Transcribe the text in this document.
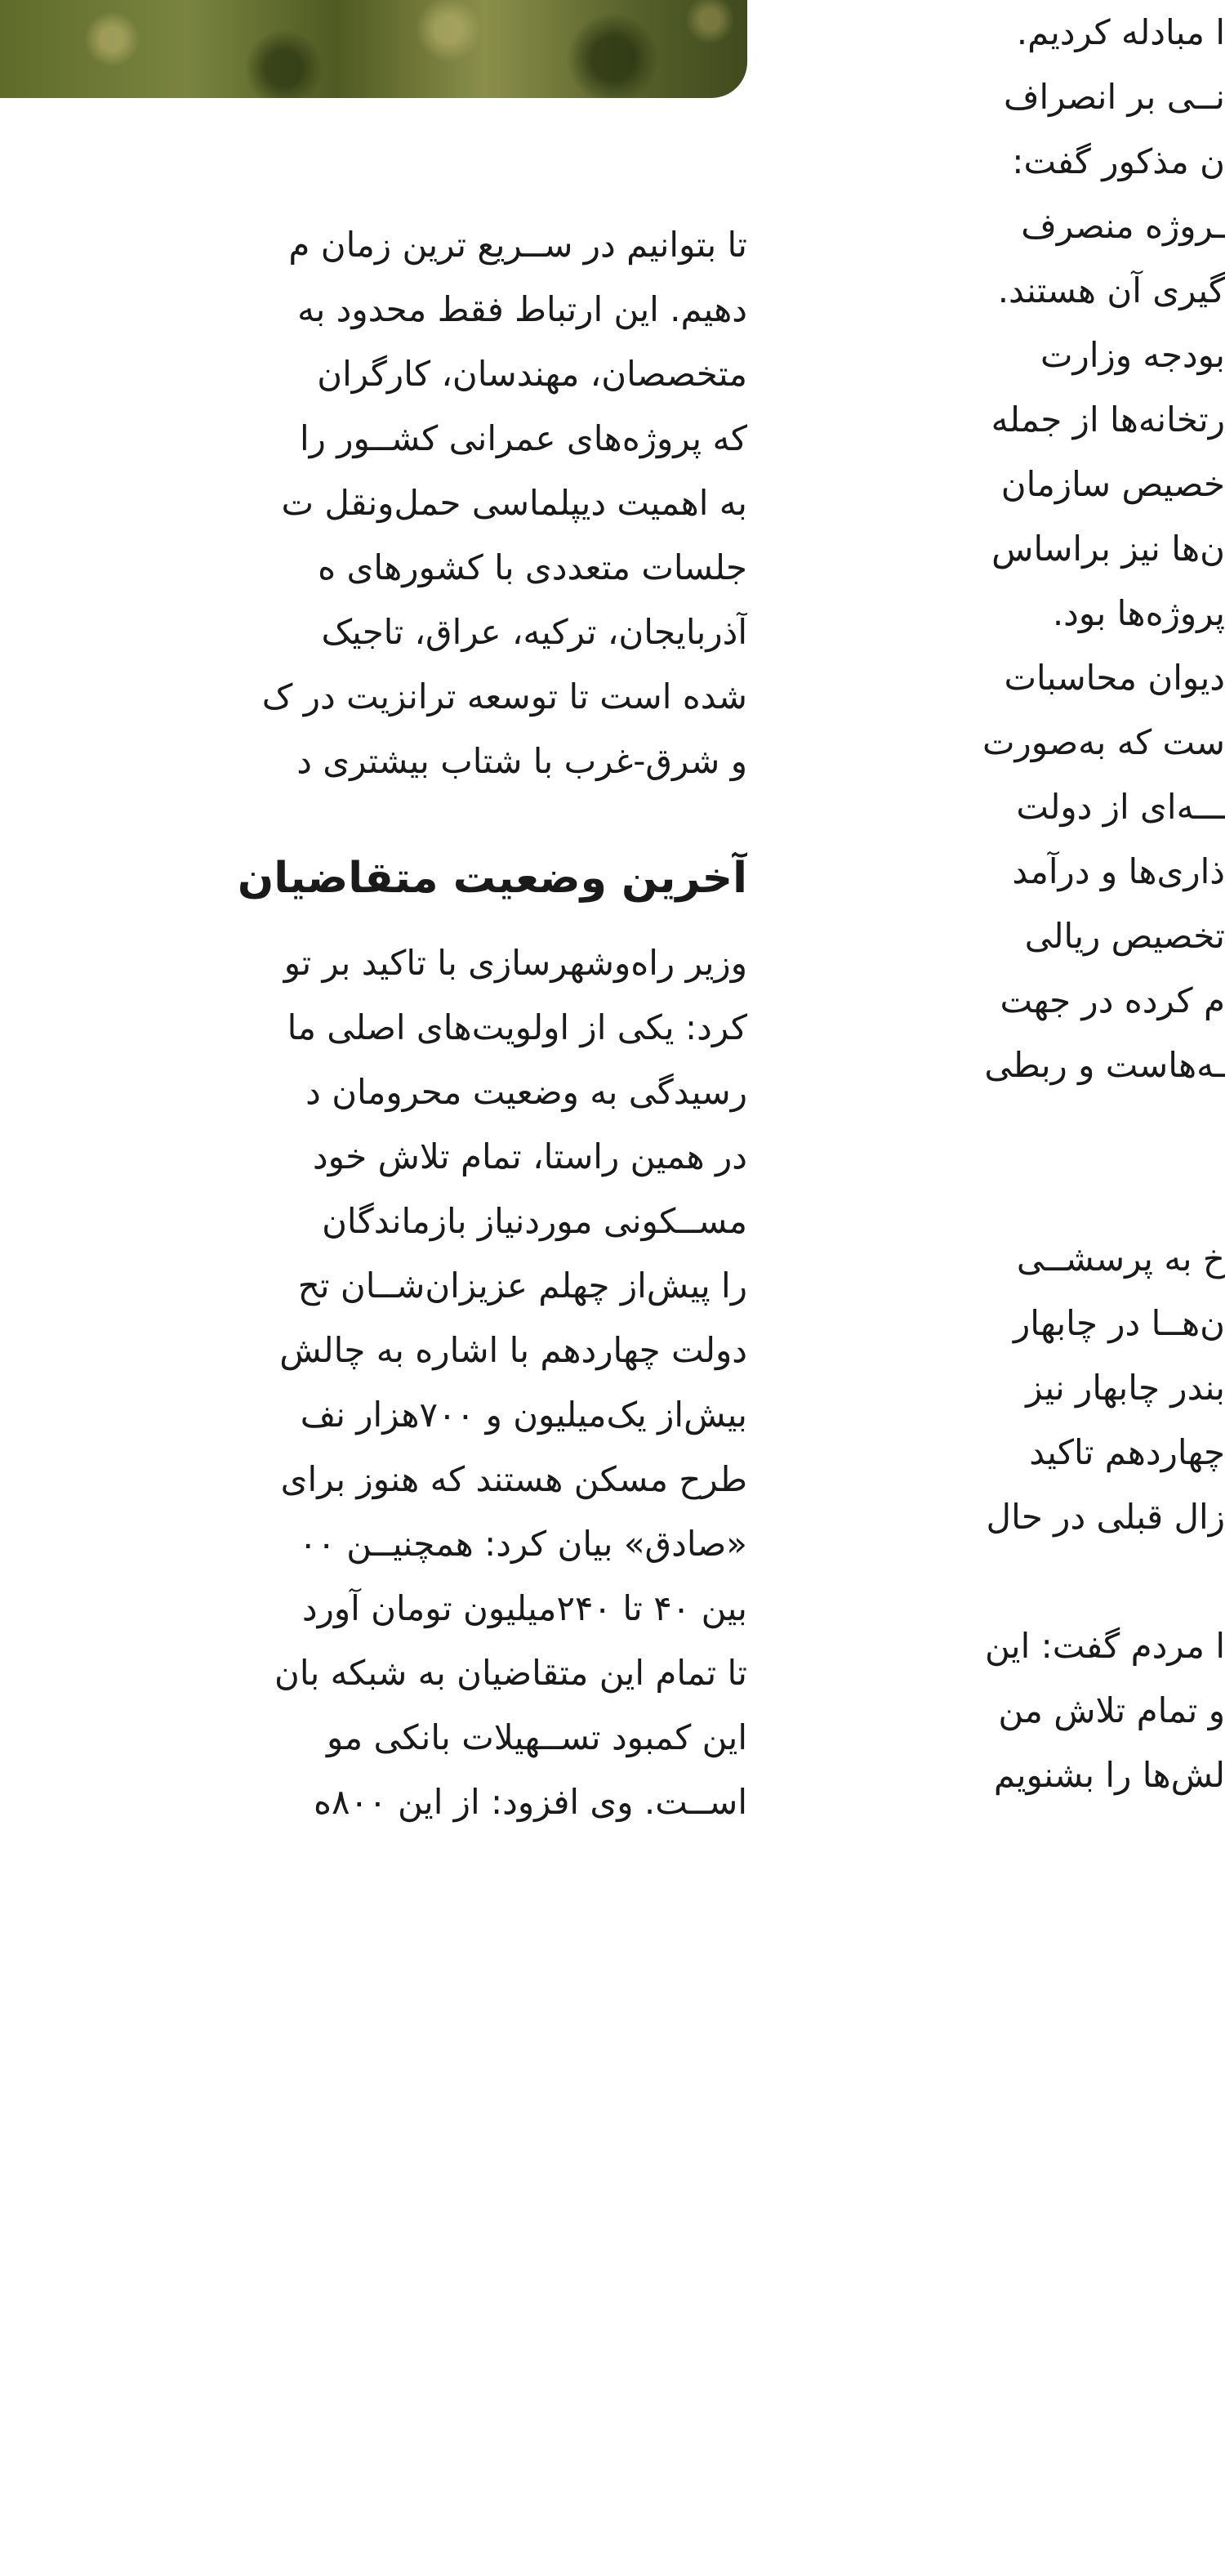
ا مبادله کردیم.
نــی بر انصراف
ن مذکور گفت:
ـروژه منصرف
گیری آن هستند.
بودجه وزارت
رتخانه‌ها از جمله
خصیص سازمان
ن‌ها نیز براساس
پروژه‌ها بود.
دیوان محاسبات
ست که به‌صورت
ـــه‌ای از دولت
ذاری‌ها و درآمد
تخصیص ریالی
م کرده در جهت
ـه‌هاست و ربطی
خ به پرسشــی
ن‌هــا در چابهار
بندر چابهار نیز
چهاردهم تاکید
زال قبلی در حال
ا مردم گفت: این
و تمام تلاش من
لش‌ها را بشنویم
تا بتوانیم در ســریع ترین زمان م
دهیم. این ارتباط فقط محدود به
متخصصان، مهندسان، کارگران
که پروژه‌های عمرانی کشــور را
به اهمیت دیپلماسی حمل‌ونقل ت
جلسات متعددی با کشورهای ه
آذربایجان، ترکیه، عراق، تاجیک
شده است تا توسعه ترانزیت در ک
و شرق-غرب با شتاب بیشتری د
آخرین وضعیت متقاضیان
وزیر راه‌وشهرسازی با تاکید بر تو
کرد: یکی از اولویت‌های اصلی ما
رسیدگی به وضعیت محرومان د
در همین راستا، تمام تلاش خود
مســکونی موردنیاز بازماندگان
را پیش‌از چهلم عزیزان‌شــان تح
دولت چهاردهم با اشاره به چالش
بیش‌از یک‌میلیون و ۷۰۰هزار نف
طرح مسکن هستند که هنوز برای
«صادق» بیان کرد: همچنیــن ۰۰
بین ۴۰ تا ۲۴۰میلیون تومان آورد
تا تمام این متقاضیان به شبکه بان
این کمبود تســهیلات بانکی مو
اســت. وی افزود: از این ۸۰۰ه
